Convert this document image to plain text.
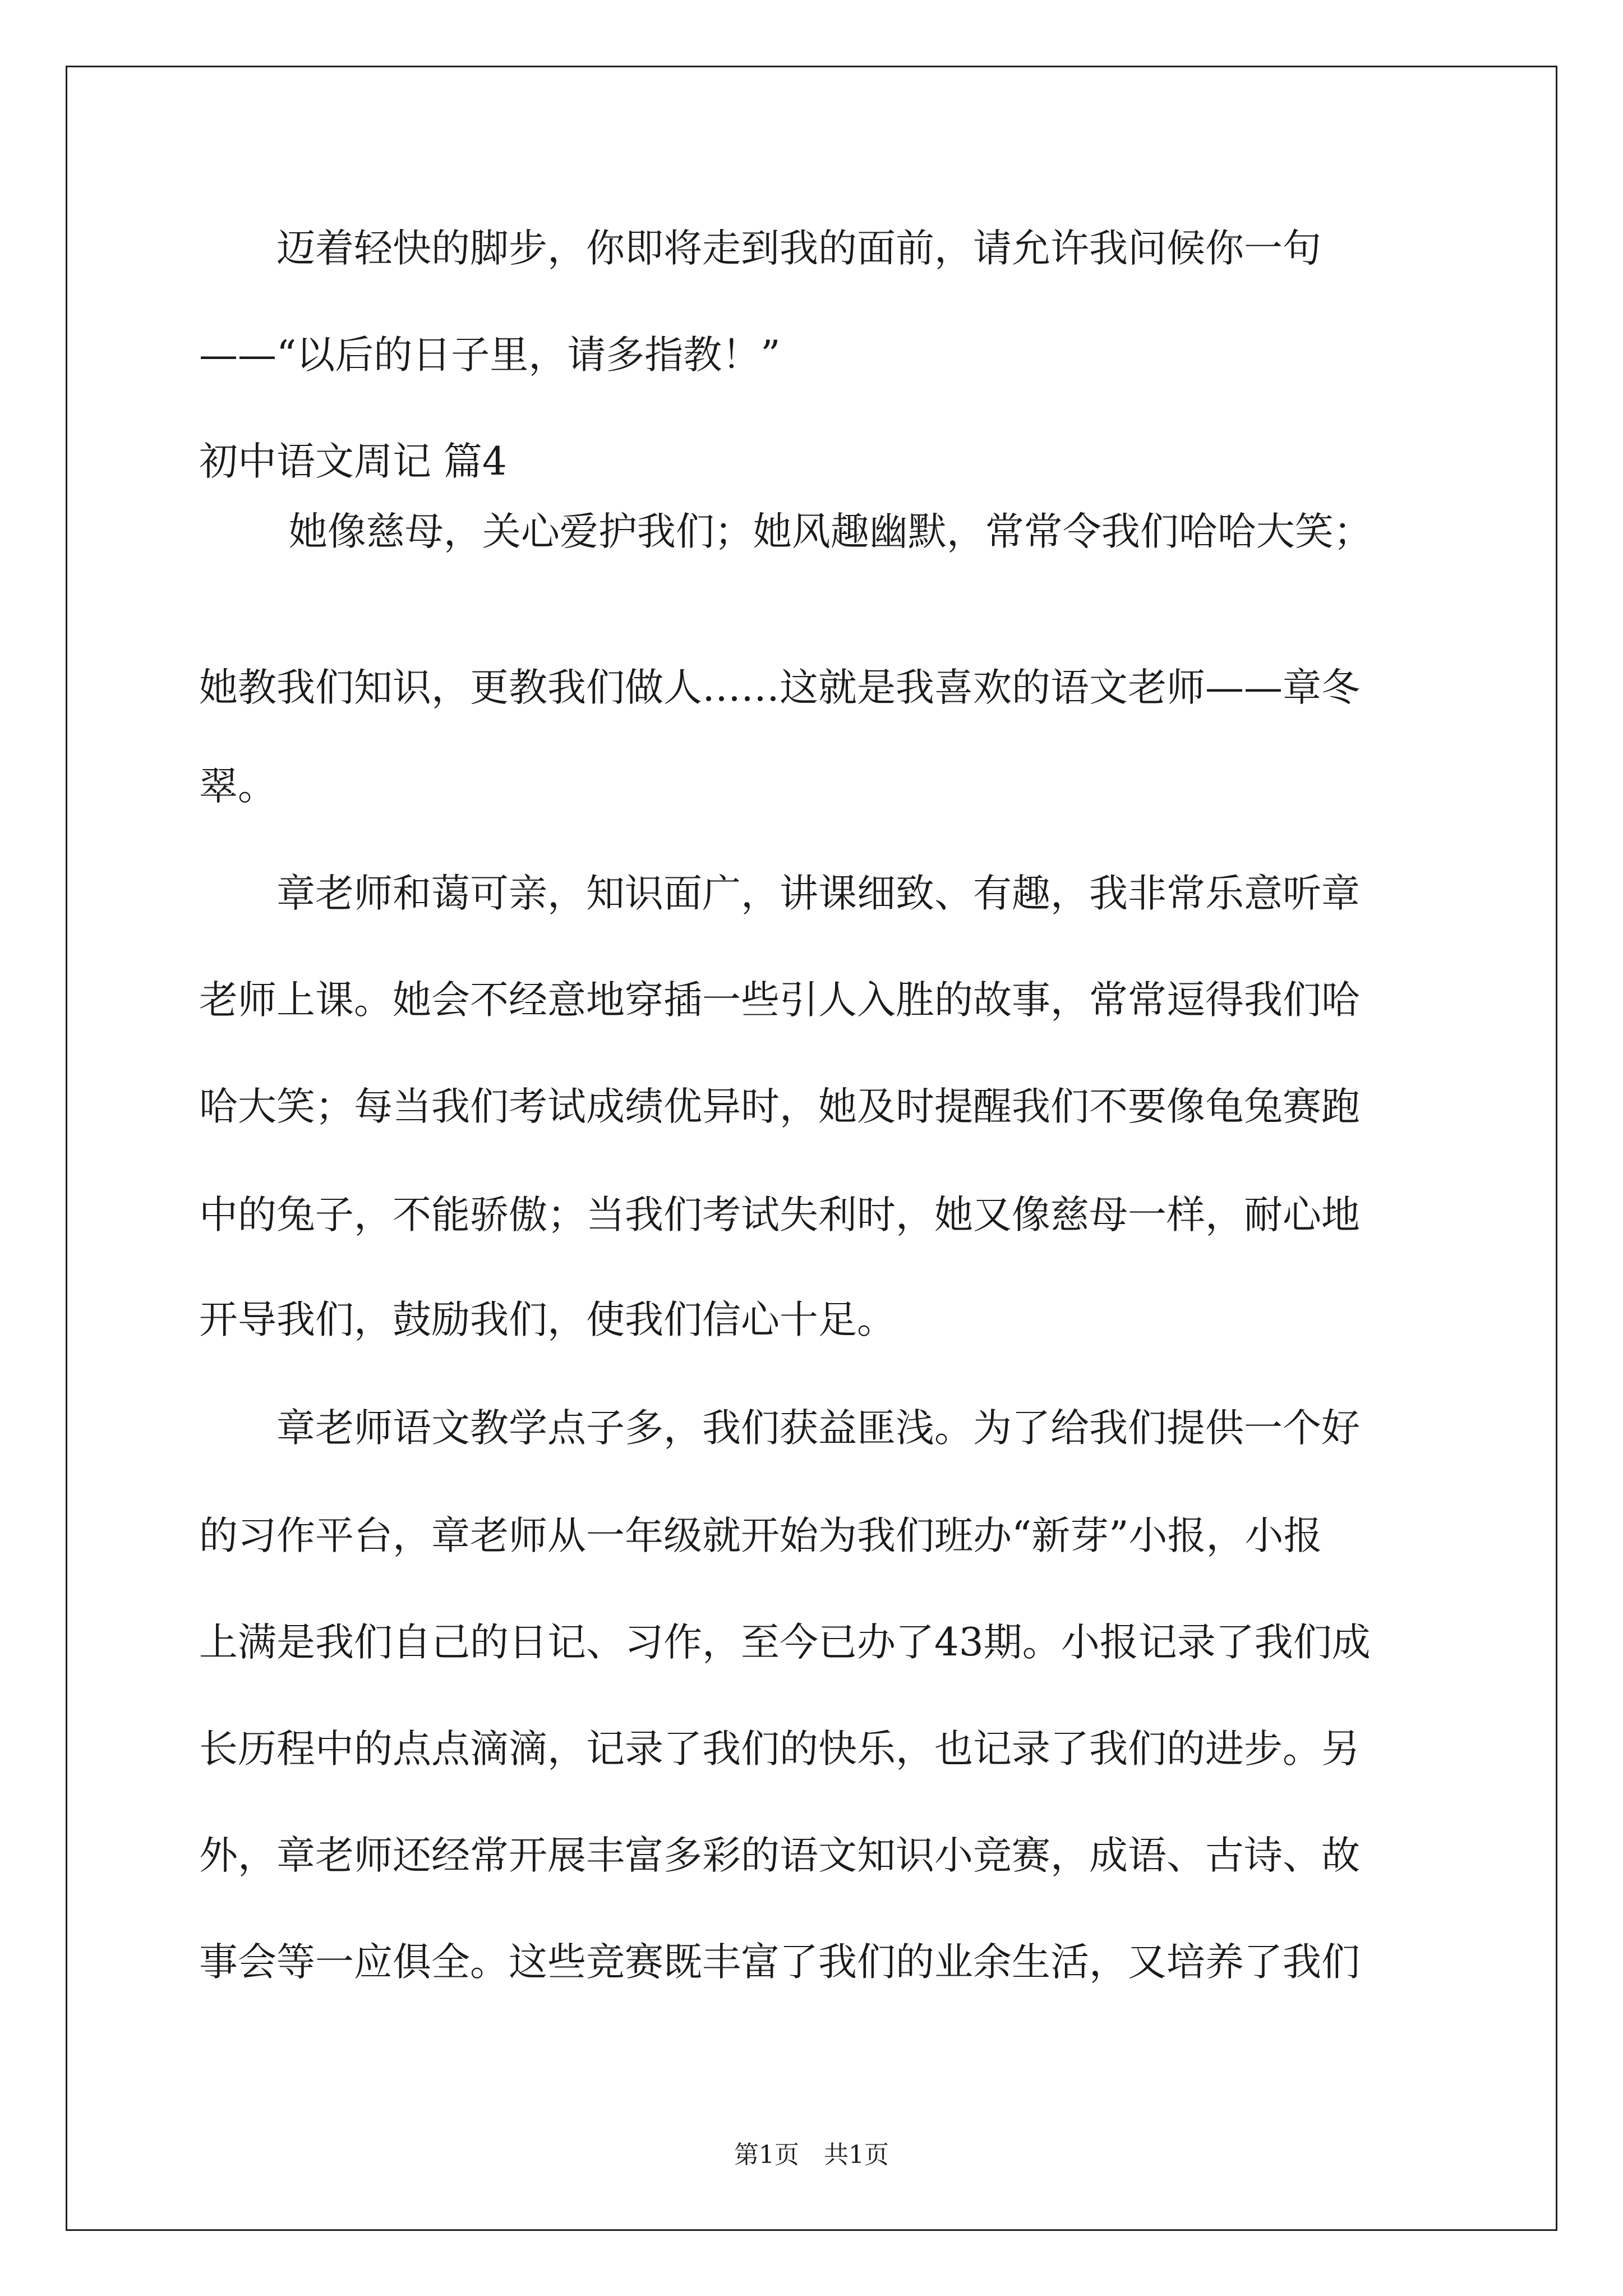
　　迈着轻快的脚步，你即将走到我的面前，请允许我问候你一句
——“以后的日子里，请多指教！”
初中语文周记 篇4
　　 她像慈母，关心爱护我们；她风趣幽默，常常令我们哈哈大笑；
她教我们知识，更教我们做人……这就是我喜欢的语文老师——章冬
翠。
　　章老师和蔼可亲，知识面广，讲课细致、有趣，我非常乐意听章
老师上课。她会不经意地穿插一些引人入胜的故事，常常逗得我们哈
哈大笑；每当我们考试成绩优异时，她及时提醒我们不要像龟兔赛跑
中的兔子，不能骄傲；当我们考试失利时，她又像慈母一样，耐心地
开导我们，鼓励我们，使我们信心十足。
　　章老师语文教学点子多，我们获益匪浅。为了给我们提供一个好
的习作平台，章老师从一年级就开始为我们班办“新芽”小报，小报
上满是我们自己的日记、习作，至今已办了43期。小报记录了我们成
长历程中的点点滴滴，记录了我们的快乐，也记录了我们的进步。另
外，章老师还经常开展丰富多彩的语文知识小竞赛，成语、古诗、故
事会等一应俱全。这些竞赛既丰富了我们的业余生活，又培养了我们
第1页　共1页
